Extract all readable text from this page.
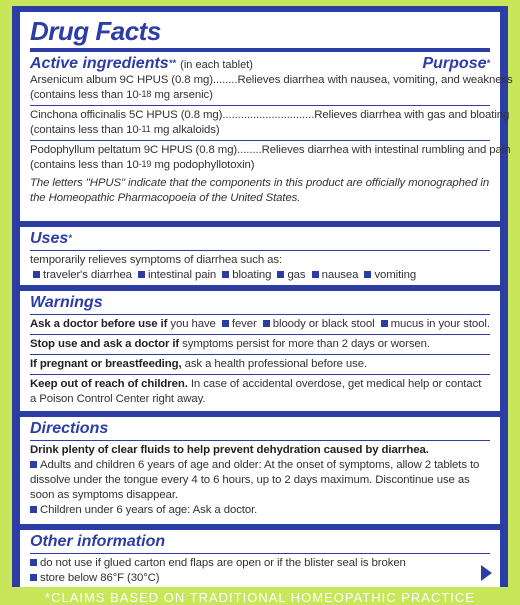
Drug Facts
Active ingredients** (in each tablet)	Purpose*
Arsenicum album 9C HPUS (0.8 mg)........ Relieves diarrhea with nausea, vomiting, and weakness
(contains less than $10^{-18}$ mg arsenic)
Cinchona officinalis 5C HPUS (0.8 mg).............................. Relieves diarrhea with gas and bloating
(contains less than $10^{-11}$ mg alkaloids)
Podophyllum peltatum 9C HPUS (0.8 mg)........ Relieves diarrhea with intestinal rumbling and pain
(contains less than $10^{-19}$ mg podophyllotoxin)
The letters "HPUS" indicate that the components in this product are officially monographed in the Homeopathic Pharmacopoeia of the United States.
Uses*
temporarily relieves symptoms of diarrhea such as:
traveler's diarrhea intestinal pain bloating gas nausea vomiting
Warnings
Ask a doctor before use if you have fever bloody or black stool mucus in your stool.
Stop use and ask a doctor if symptoms persist for more than 2 days or worsen.
If pregnant or breastfeeding, ask a health professional before use.
Keep out of reach of children. In case of accidental overdose, get medical help or contact a Poison Control Center right away.
Directions
Drink plenty of clear fluids to help prevent dehydration caused by diarrhea.
Adults and children 6 years of age and older: At the onset of symptoms, allow 2 tablets to dissolve under the tongue every 4 to 6 hours, up to 2 days maximum. Discontinue use as soon as symptoms disappear.
Children under 6 years of age: Ask a doctor.
Other information
do not use if glued carton end flaps are open or if the blister seal is broken
store below 86°F (30°C)
*CLAIMS BASED ON TRADITIONAL HOMEOPATHIC PRACTICE
